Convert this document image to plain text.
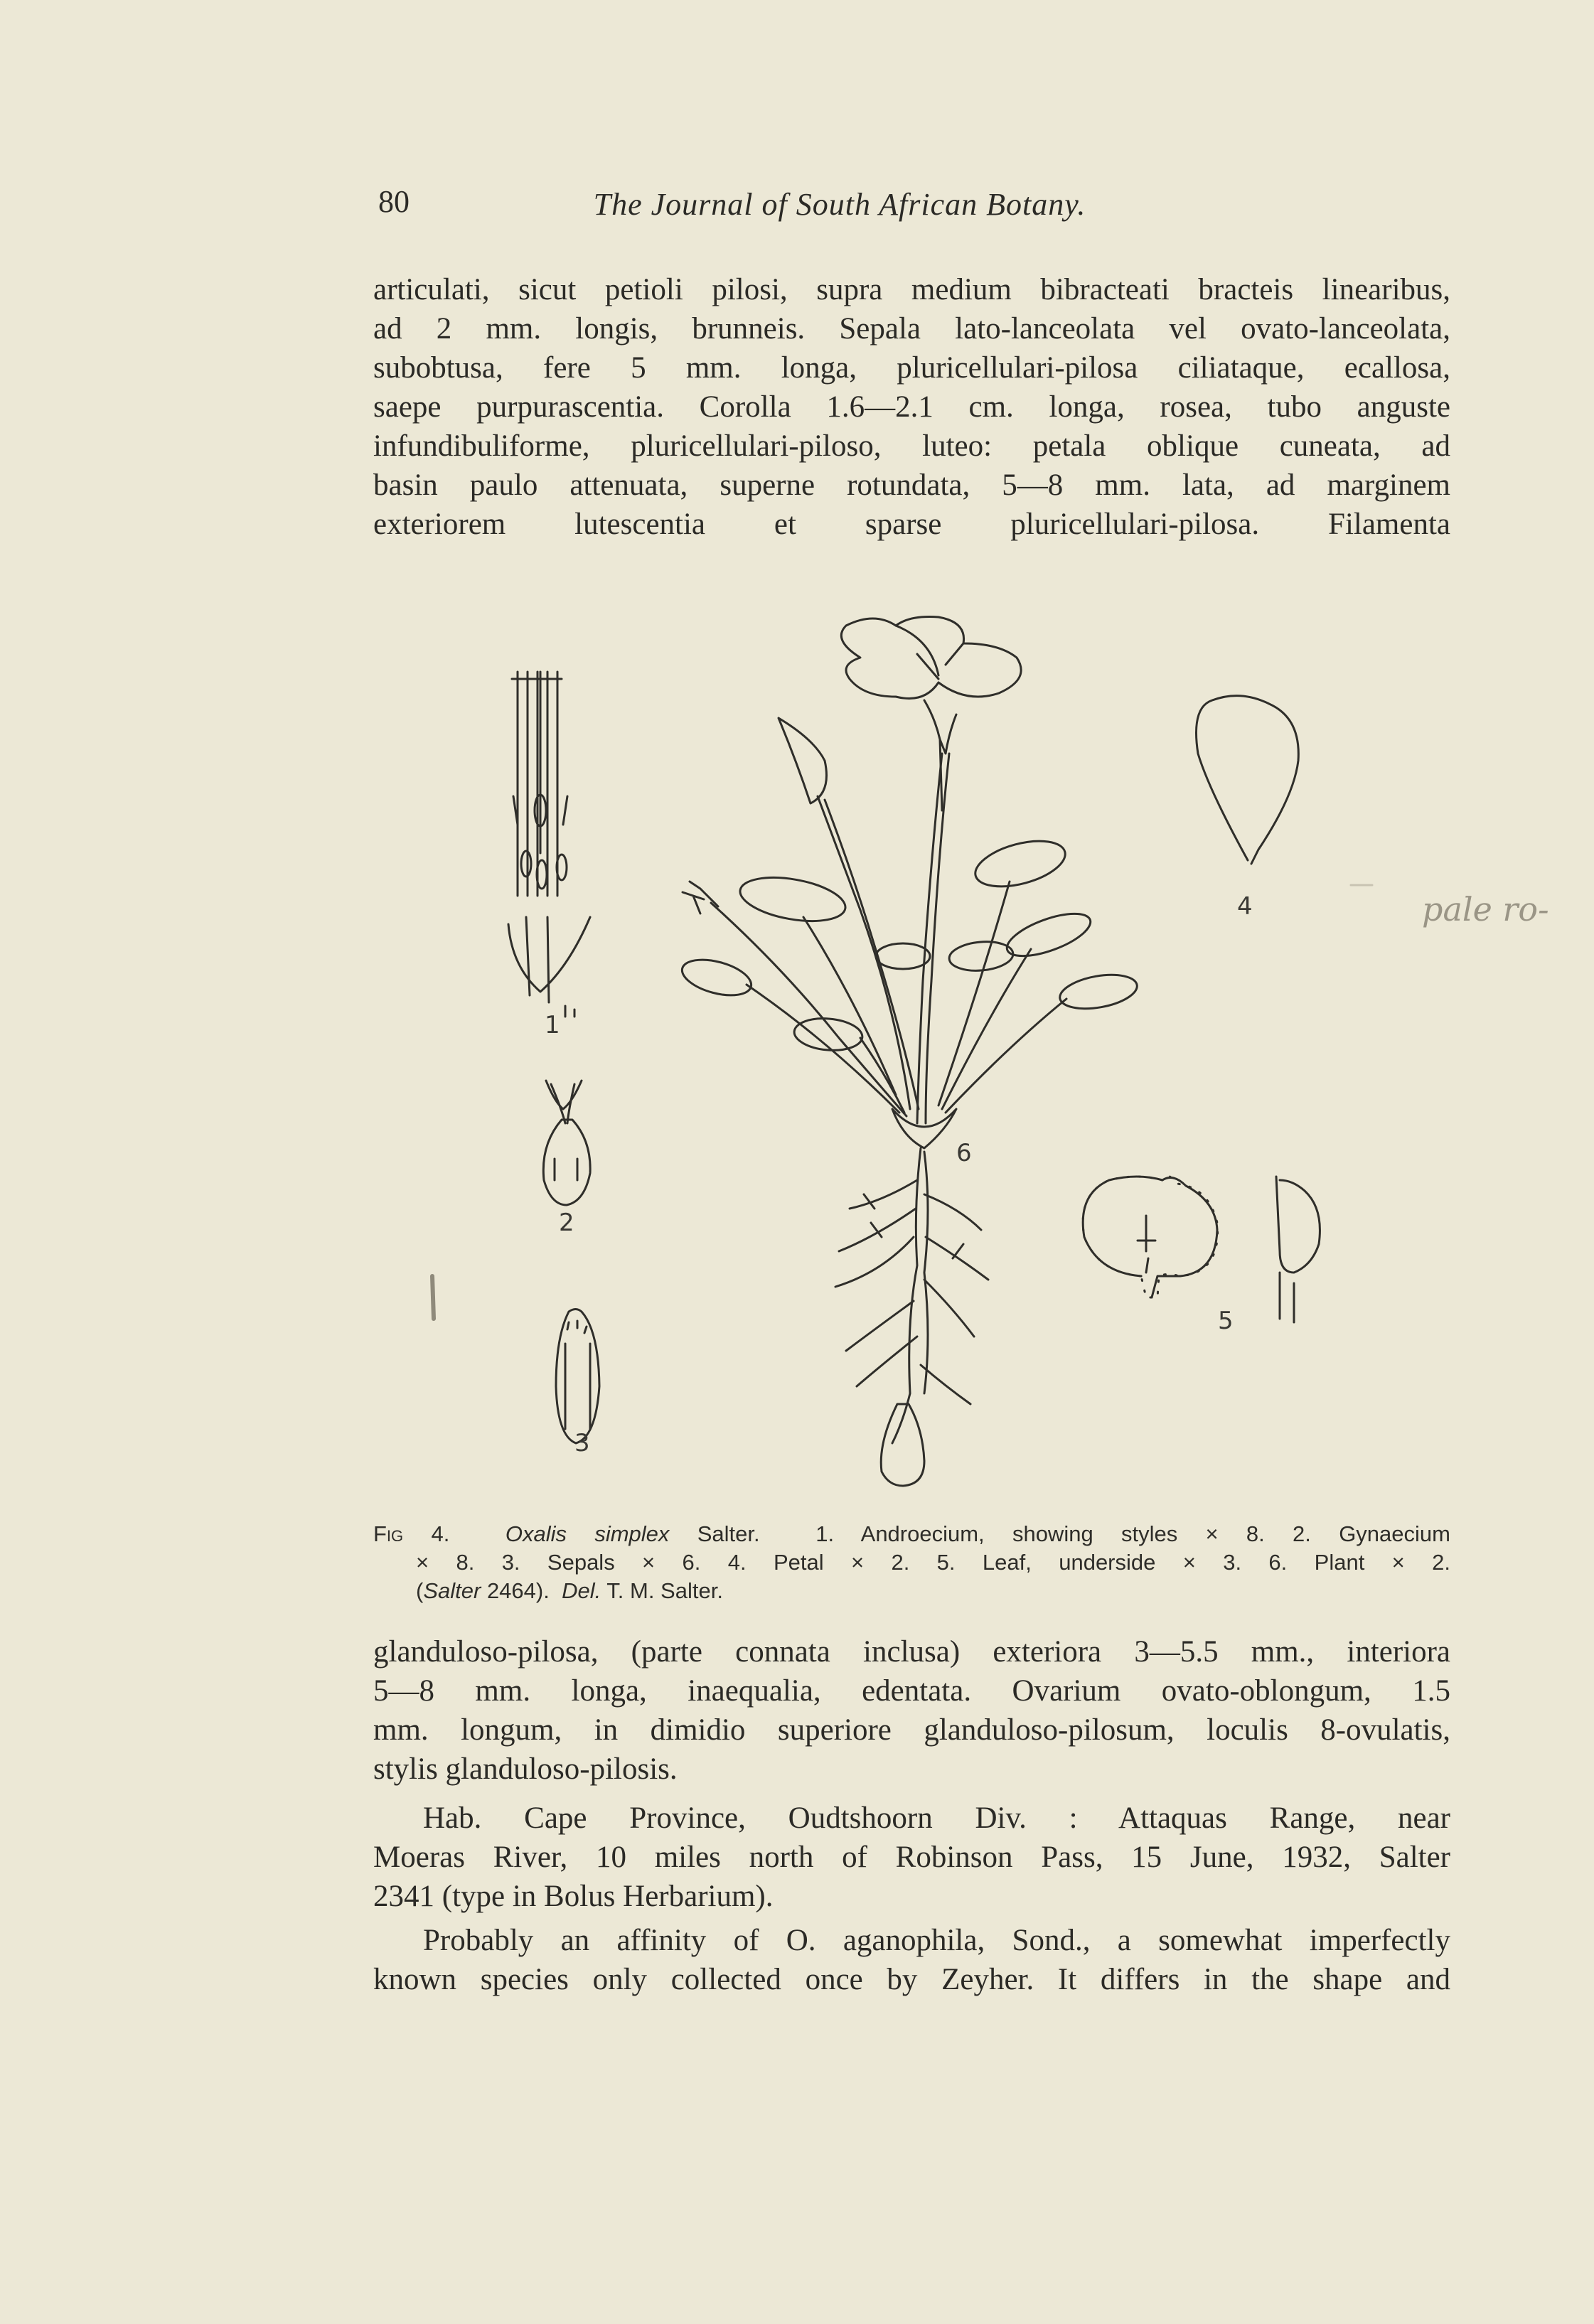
80	The Journal of South African Botany.
articulati, sicut petioli pilosi, supra medium bibracteati bracteis linearibus,
ad 2 mm. longis, brunneis. Sepala lato-lanceolata vel ovato-lanceolata,
subobtusa, fere 5 mm. longa, pluricellulari-pilosa ciliataque, ecallosa,
saepe purpurascentia. Corolla 1.6—2.1 cm. longa, rosea, tubo anguste
infundibuliforme, pluricellulari-piloso, luteo: petala oblique cuneata, ad
basin paulo attenuata, superne rotundata, 5—8 mm. lata, ad marginem
exteriorem lutescentia et sparse pluricellulari-pilosa. Filamenta
1
2
3
4
5
6
pale ro-
Fig 4.	Oxalis simplex Salter.	1. Androecium, showing styles × 8. 2. Gynaecium
× 8. 3. Sepals × 6. 4. Petal × 2. 5. Leaf, underside × 3. 6. Plant × 2.
(Salter 2464). Del. T. M. Salter.
glanduloso-pilosa, (parte connata inclusa) exteriora 3—5.5 mm., interiora
5—8 mm. longa, inaequalia, edentata. Ovarium ovato-oblongum, 1.5
mm. longum, in dimidio superiore glanduloso-pilosum, loculis 8-ovulatis,
stylis glanduloso-pilosis.
Hab. Cape Province, Oudtshoorn Div. : Attaquas Range, near
Moeras River, 10 miles north of Robinson Pass, 15 June, 1932, Salter
2341 (type in Bolus Herbarium).
Probably an affinity of O. aganophila, Sond., a somewhat imperfectly
known species only collected once by Zeyher. It differs in the shape and
